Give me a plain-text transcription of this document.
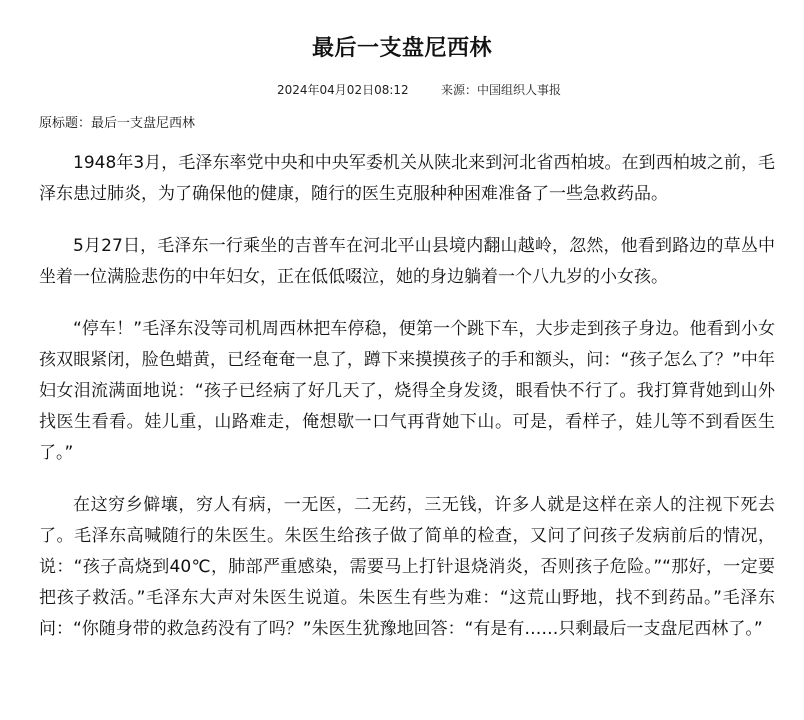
最后一支盘尼西林
2024年04月02日08:12	来源：中国组织人事报
原标题：最后一支盘尼西林

1948年3月，毛泽东率党中央和中央军委机关从陕北来到河北省西柏坡。在到西柏坡之前，毛泽东患过肺炎，为了确保他的健康，随行的医生克服种种困难准备了一些急救药品。

5月27日，毛泽东一行乘坐的吉普车在河北平山县境内翻山越岭，忽然，他看到路边的草丛中坐着一位满脸悲伤的中年妇女，正在低低啜泣，她的身边躺着一个八九岁的小女孩。

“停车！”毛泽东没等司机周西林把车停稳，便第一个跳下车，大步走到孩子身边。他看到小女孩双眼紧闭，脸色蜡黄，已经奄奄一息了，蹲下来摸摸孩子的手和额头，问：“孩子怎么了？”中年妇女泪流满面地说：“孩子已经病了好几天了，烧得全身发烫，眼看快不行了。我打算背她到山外找医生看看。娃儿重，山路难走，俺想歇一口气再背她下山。可是，看样子，娃儿等不到看医生了。”

在这穷乡僻壤，穷人有病，一无医，二无药，三无钱，许多人就是这样在亲人的注视下死去了。毛泽东高喊随行的朱医生。朱医生给孩子做了简单的检查，又问了问孩子发病前后的情况，说：“孩子高烧到40℃，肺部严重感染，需要马上打针退烧消炎，否则孩子危险。”“那好，一定要把孩子救活。”毛泽东大声对朱医生说道。朱医生有些为难：“这荒山野地，找不到药品。”毛泽东问：“你随身带的救急药没有了吗？”朱医生犹豫地回答：“有是有……只剩最后一支盘尼西林了。”
